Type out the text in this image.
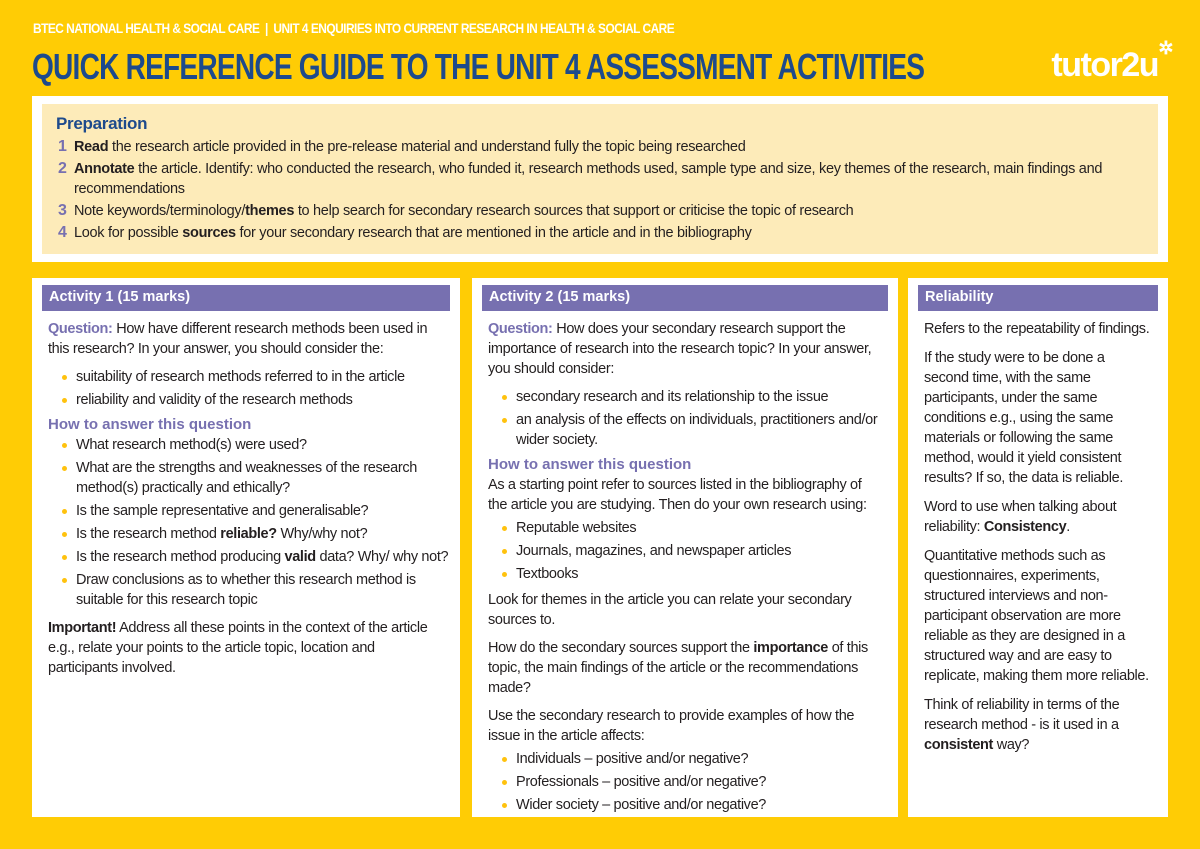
BTEC NATIONAL HEALTH & SOCIAL CARE  |  UNIT 4 ENQUIRIES INTO CURRENT RESEARCH IN HEALTH & SOCIAL CARE
QUICK REFERENCE GUIDE TO THE UNIT 4 ASSESSMENT ACTIVITIES	tutor2u ✲
Preparation
1 Read the research article provided in the pre-release material and understand fully the topic being researched
2 Annotate the article. Identify: who conducted the research, who funded it, research methods used, sample type and size, key themes of the research, main findings and recommendations
3 Note keywords/terminology/themes to help search for secondary research sources that support or criticise the topic of research
4 Look for possible sources for your secondary research that are mentioned in the article and in the bibliography
Activity 1 (15 marks)

Question: How have different research methods been used in this research? In your answer, you should consider the:

suitability of research methods referred to in the article
reliability and validity of the research methods
How to answer this question
What research method(s) were used?
What are the strengths and weaknesses of the research method(s) practically and ethically?
Is the sample representative and generalisable?
Is the research method reliable? Why/why not?
Is the research method producing valid data? Why/ why not?
Draw conclusions as to whether this research method is suitable for this research topic

Important! Address all these points in the context of the article e.g., relate your points to the article topic, location and participants involved.

Activity 2 (15 marks)

Question: How does your secondary research support the importance of research into the research topic? In your answer, you should consider:

secondary research and its relationship to the issue
an analysis of the effects on individuals, practitioners and/or wider society.
How to answer this question

As a starting point refer to sources listed in the bibliography of the article you are studying. Then do your own research using:

Reputable websites
Journals, magazines, and newspaper articles
Textbooks

Look for themes in the article you can relate your secondary sources to.

How do the secondary sources support the importance of this topic, the main findings of the article or the recommendations made?

Use the secondary research to provide examples of how the issue in the article affects:

Individuals – positive and/or negative?
Professionals – positive and/or negative?
Wider society – positive and/or negative?
Reliability

Refers to the repeatability of findings.

If the study were to be done a second time, with the same participants, under the same conditions e.g., using the same materials or following the same method, would it yield consistent results? If so, the data is reliable.

Word to use when talking about reliability: Consistency.

Quantitative methods such as questionnaires, experiments, structured interviews and non-participant observation are more reliable as they are designed in a structured way and are easy to replicate, making them more reliable.

Think of reliability in terms of the research method - is it used in a consistent way?
